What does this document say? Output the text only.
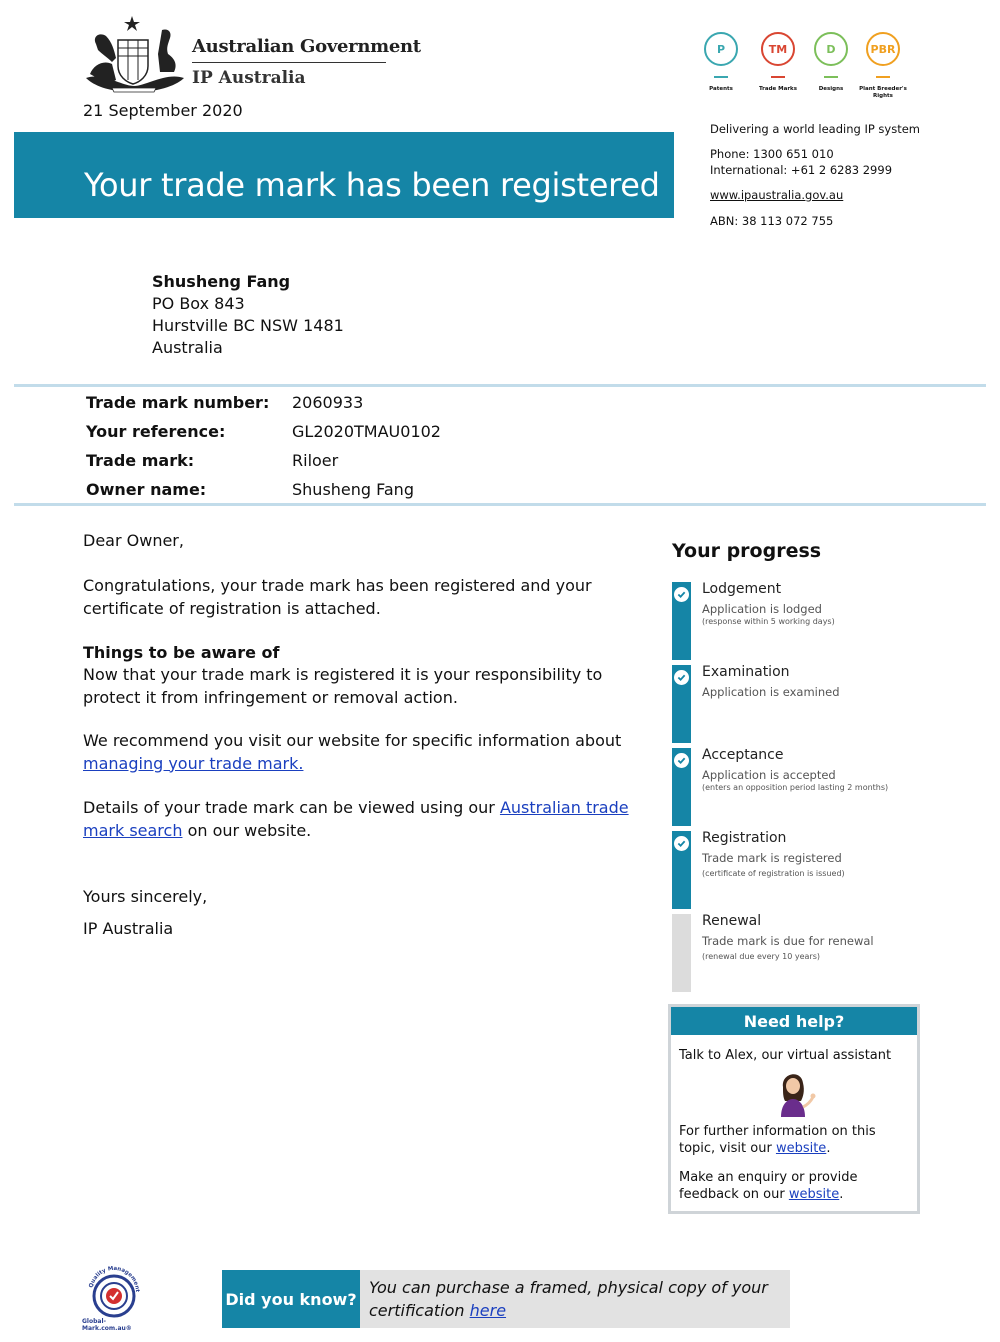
Australian Government
IP Australia
21 September 2020
P
Patents
TM
Trade Marks
D
Designs
PBR
Plant Breeder's Rights
Your trade mark has been registered
Delivering a world leading IP system
Phone: 1300 651 010
International: +61 2 6283 2999
www.ipaustralia.gov.au
ABN: 38 113 072 755
Shusheng Fang
PO Box 843
Hurstville BC NSW 1481
Australia
Trade mark number: 2060933
Your reference:	GL2020TMAU0102
Trade mark:	Riloer
Owner name:	Shusheng Fang
Dear Owner,
Congratulations, your trade mark has been registered and your certificate of registration is attached.
Things to be aware of
Now that your trade mark is registered it is your responsibility to protect it from infringement or removal action.
We recommend you visit our website for specific information about
managing your trade mark.
Details of your trade mark can be viewed using our Australian trade mark search on our website.
Yours sincerely,
IP Australia
Your progress
Lodgement
Application is lodged
(response within 5 working days)
Examination
Application is examined
Acceptance
Application is accepted
(enters an opposition period lasting 2 months)
Registration
Trade mark is registered
(certificate of registration is issued)
Renewal
Trade mark is due for renewal
(renewal due every 10 years)
Need help?
Talk to Alex, our virtual assistant
For further information on this topic, visit our website.
Make an enquiry or provide feedback on our website.
Quality Management
Global-Mark.com.au®
Did you know?
You can purchase a framed, physical copy of your certification here
